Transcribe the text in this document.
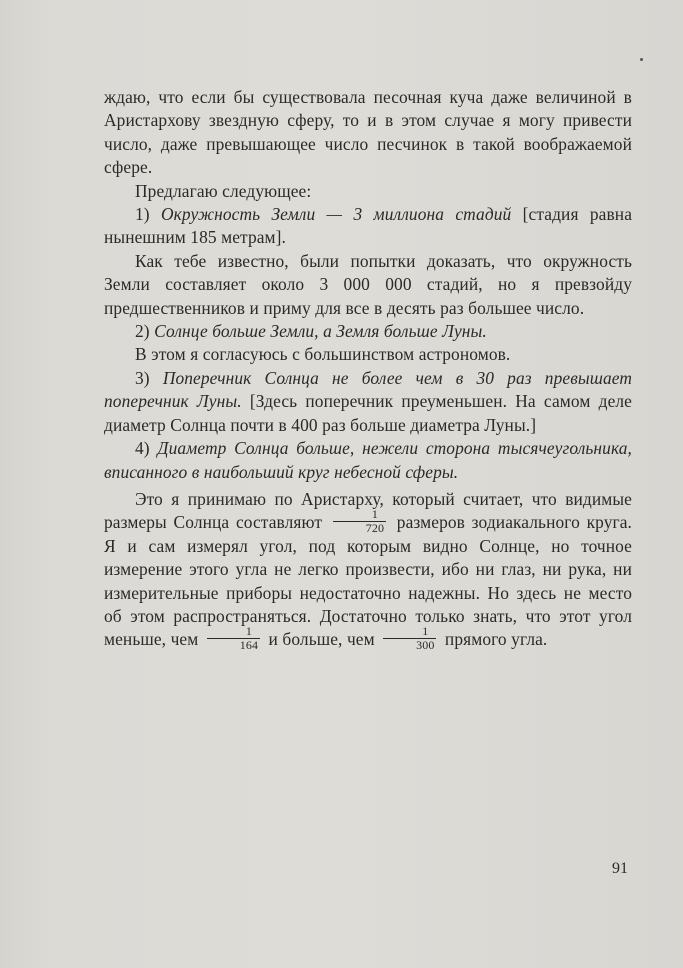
ждаю, что если бы существовала песочная куча даже величиной в Аристархову звездную сферу, то и в этом случае я могу привести число, даже превышающее число песчинок в такой воображаемой сфере.

Предлагаю следующее:

1) Окружность Земли — 3 миллиона стадий [стадия равна нынешним 185 метрам].

Как тебе известно, были попытки доказать, что окружность Земли составляет около 3 000 000 стадий, но я превзойду предшественников и приму для все в десять раз большее число.

2) Солнце больше Земли, а Земля больше Луны.

В этом я согласуюсь с большинством астрономов.

3) Поперечник Солнца не более чем в 30 раз превышает поперечник Луны. [Здесь поперечник преуменьшен. На самом деле диаметр Солнца почти в 400 раз больше диаметра Луны.]

4) Диаметр Солнца больше, нежели сторона тысячеугольника, вписанного в наибольший круг небесной сферы.

Это я принимаю по Аристарху, который считает, что видимые размеры Солнца составляют $\frac{1}{720}$ размеров зодиакального круга. Я и сам измерял угол, под которым видно Солнце, но точное измерение этого угла не легко произвести, ибо ни глаз, ни рука, ни измерительные приборы недостаточно надежны. Но здесь не место об этом распространяться. Достаточно только знать, что этот угол меньше, чем $\frac{1}{164}$ и больше, чем $\frac{1}{300}$ прямого угла.

91
